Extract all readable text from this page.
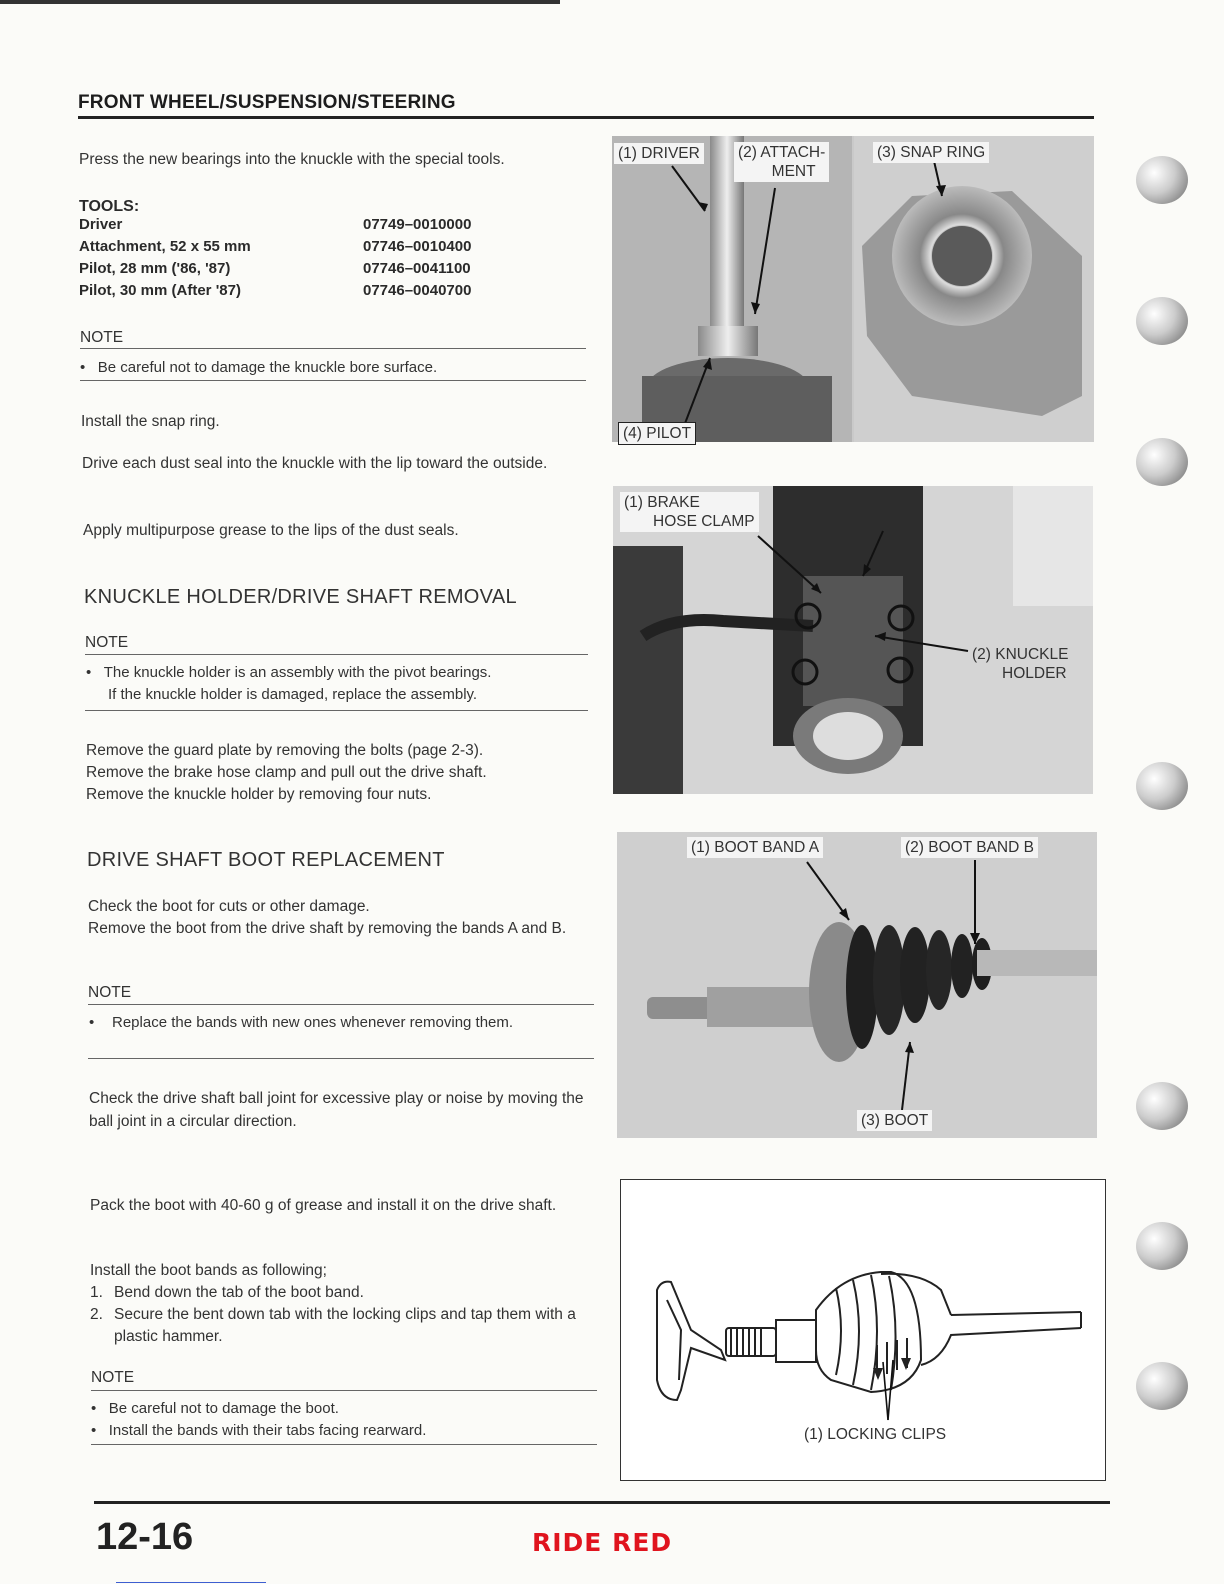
FRONT WHEEL/SUSPENSION/STEERING
Press the new bearings into the knuckle with the special tools.
TOOLS:
Driver	07749–0010000
Attachment, 52 x 55 mm	07746–0010400
Pilot, 28 mm ('86, '87)	07746–0041100
Pilot, 30 mm (After '87)	07746–0040700
NOTE
•   Be careful not to damage the knuckle bore surface.
Install the snap ring.
Drive each dust seal into the knuckle with the lip toward the outside.
Apply multipurpose grease to the lips of the dust seals.
KNUCKLE HOLDER/DRIVE SHAFT REMOVAL
NOTE
•   The knuckle holder is an assembly with the pivot bearings.
If the knuckle holder is damaged, replace the assembly.
Remove the guard plate by removing the bolts (page 2-3).
Remove the brake hose clamp and pull out the drive shaft.
Remove the knuckle holder by removing four nuts.
DRIVE SHAFT BOOT REPLACEMENT
Check the boot for cuts or other damage.
Remove the boot from the drive shaft by removing the bands A and B.
NOTE
•	Replace the bands with new ones whenever removing them.
Check the drive shaft ball joint for excessive play or noise by moving the ball joint in a circular direction.
Pack the boot with 40-60 g of grease and install it on the drive shaft.
Install the boot bands as following;
1. Bend down the tab of the boot band.
2. Secure the bent down tab with the locking clips and tap them with a plastic hammer.
NOTE
•   Be careful not to damage the boot.
•   Install the bands with their tabs facing rearward.
(1) DRIVER (2) ATTACH-
MENT
(3) SNAP RING
(4) PILOT
(1) BRAKE
HOSE CLAMP
(2) KNUCKLE
HOLDER
(1) BOOT BAND A	(2) BOOT BAND B
(3) BOOT
(1) LOCKING CLIPS
12-16	RIDE RED
